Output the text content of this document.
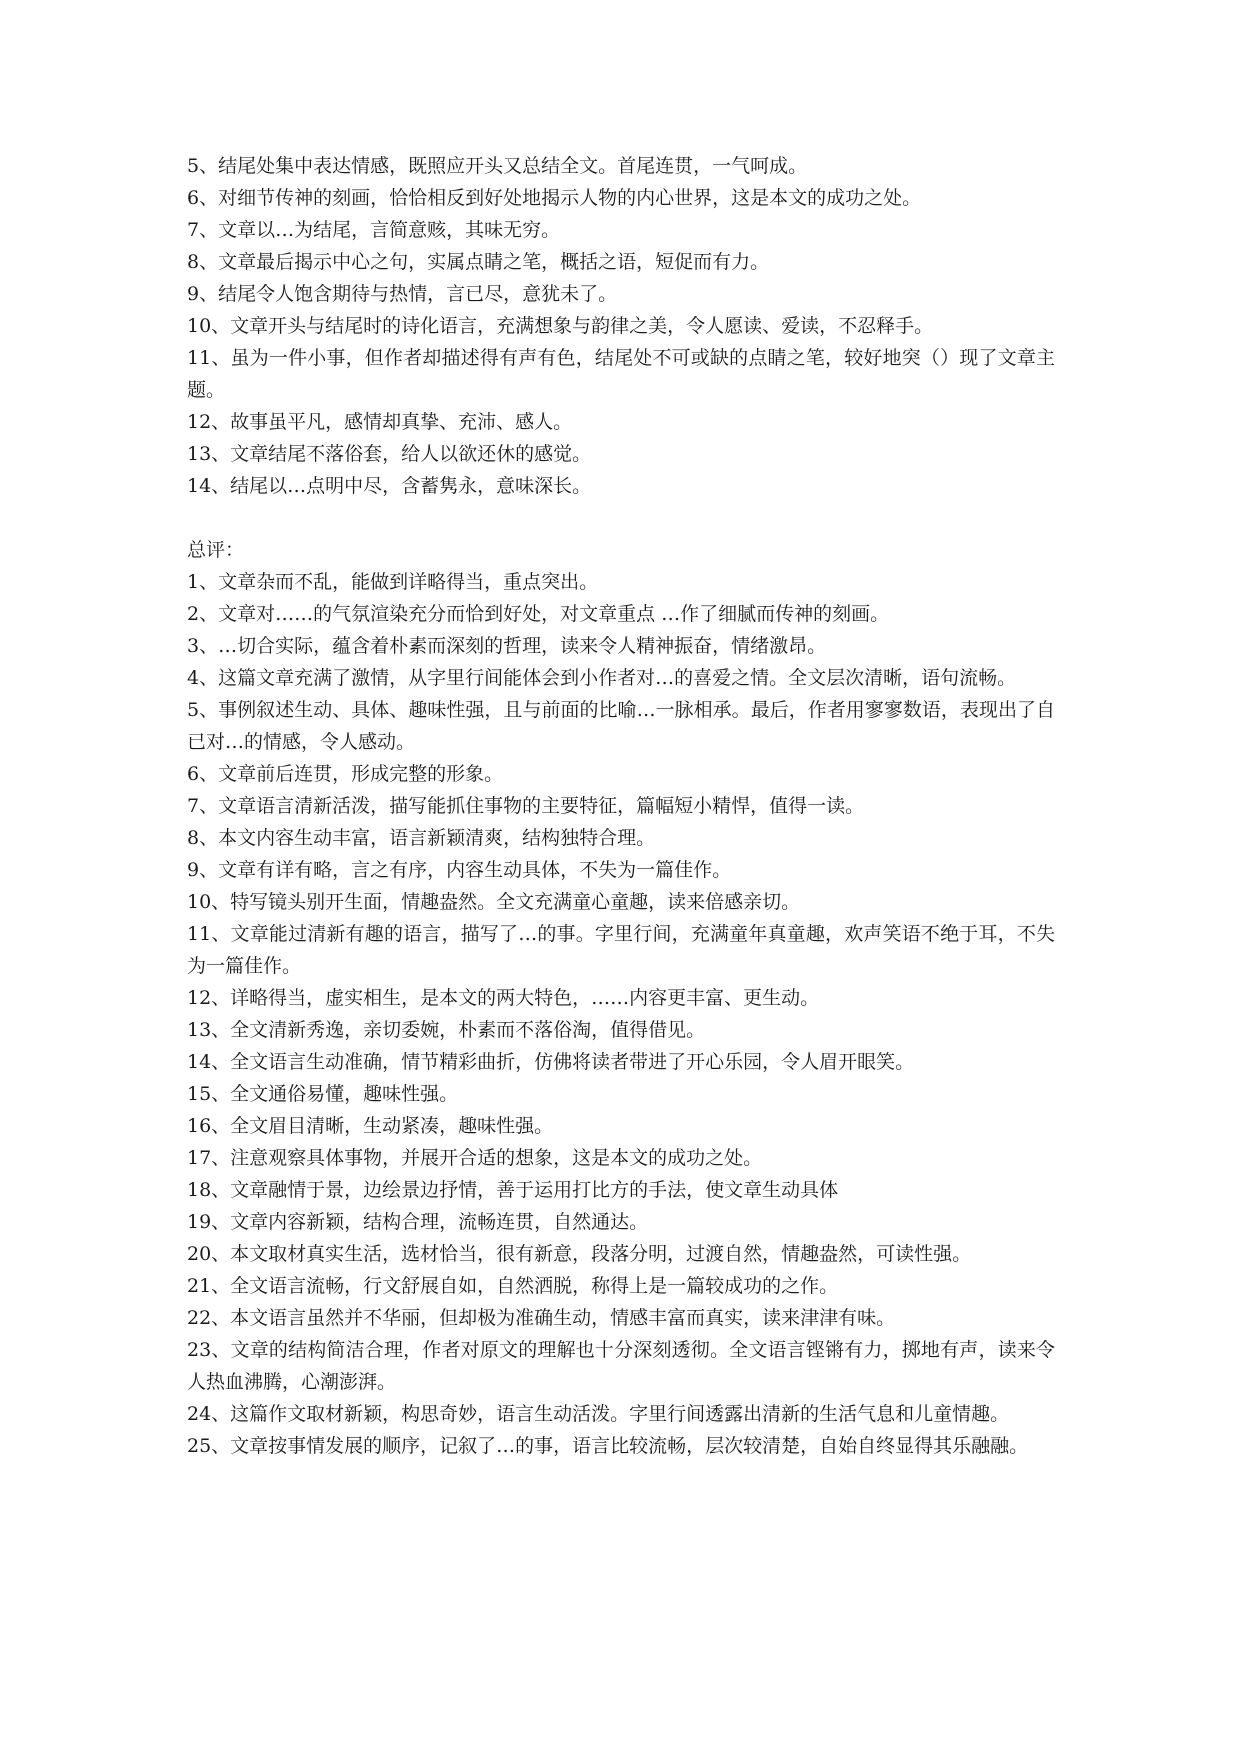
5、结尾处集中表达情感，既照应开头又总结全文。首尾连贯，一气呵成。
6、对细节传神的刻画，恰恰相反到好处地揭示人物的内心世界，这是本文的成功之处。
7、文章以…为结尾，言简意赅，其味无穷。
8、文章最后揭示中心之句，实属点睛之笔，概括之语，短促而有力。
9、结尾令人饱含期待与热情，言已尽，意犹未了。
10、文章开头与结尾时的诗化语言，充满想象与韵律之美，令人愿读、爱读，不忍释手。
11、虽为一件小事，但作者却描述得有声有色，结尾处不可或缺的点睛之笔，较好地突（）现了文章主题。
12、故事虽平凡，感情却真挚、充沛、感人。
13、文章结尾不落俗套，给人以欲还休的感觉。
14、结尾以…点明中尽，含蓄隽永，意味深长。
总评：
1、文章杂而不乱，能做到详略得当，重点突出。
2、文章对……的气氛渲染充分而恰到好处，对文章重点 …作了细腻而传神的刻画。
3、…切合实际，蕴含着朴素而深刻的哲理，读来令人精神振奋，情绪激昂。
4、这篇文章充满了激情，从字里行间能体会到小作者对…的喜爱之情。全文层次清晰，语句流畅。
5、事例叙述生动、具体、趣味性强，且与前面的比喻…一脉相承。最后，作者用寥寥数语，表现出了自已对…的情感，令人感动。
6、文章前后连贯，形成完整的形象。
7、文章语言清新活泼，描写能抓住事物的主要特征，篇幅短小精悍，值得一读。
8、本文内容生动丰富，语言新颖清爽，结构独特合理。
9、文章有详有略，言之有序，内容生动具体，不失为一篇佳作。
10、特写镜头别开生面，情趣盎然。全文充满童心童趣，读来倍感亲切。
11、文章能过清新有趣的语言，描写了…的事。字里行间，充满童年真童趣，欢声笑语不绝于耳，不失为一篇佳作。
12、详略得当，虚实相生，是本文的两大特色，……内容更丰富、更生动。
13、全文清新秀逸，亲切委婉，朴素而不落俗淘，值得借见。
14、全文语言生动准确，情节精彩曲折，仿佛将读者带进了开心乐园，令人眉开眼笑。
15、全文通俗易懂，趣味性强。
16、全文眉目清晰，生动紧凑，趣味性强。
17、注意观察具体事物，并展开合适的想象，这是本文的成功之处。
18、文章融情于景，边绘景边抒情，善于运用打比方的手法，使文章生动具体
19、文章内容新颖，结构合理，流畅连贯，自然通达。
20、本文取材真实生活，选材恰当，很有新意，段落分明，过渡自然，情趣盎然，可读性强。
21、全文语言流畅，行文舒展自如，自然洒脱，称得上是一篇较成功的之作。
22、本文语言虽然并不华丽，但却极为准确生动，情感丰富而真实，读来津津有味。
23、文章的结构简洁合理，作者对原文的理解也十分深刻透彻。全文语言铿锵有力，掷地有声，读来令人热血沸腾，心潮澎湃。
24、这篇作文取材新颖，构思奇妙，语言生动活泼。字里行间透露出清新的生活气息和儿童情趣。
25、文章按事情发展的顺序，记叙了…的事，语言比较流畅，层次较清楚，自始自终显得其乐融融。
